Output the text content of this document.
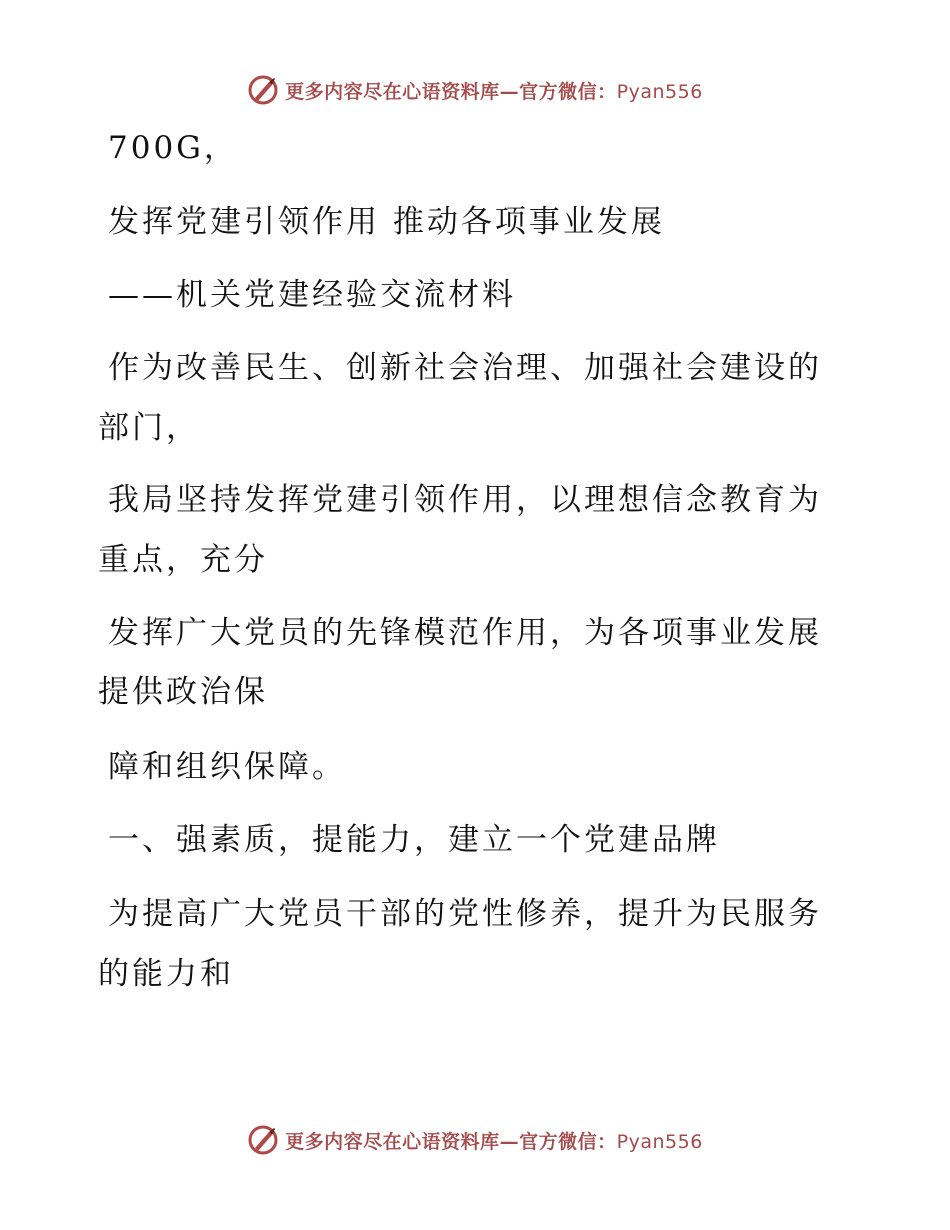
更多内容尽在心语资料库—官方微信：Pyan556
700G，
发挥党建引领作用 推动各项事业发展
——机关党建经验交流材料
作为改善民生、创新社会治理、加强社会建设的
部门，
我局坚持发挥党建引领作用，以理想信念教育为
重点，充分
发挥广大党员的先锋模范作用，为各项事业发展
提供政治保
障和组织保障。
一、强素质，提能力，建立一个党建品牌
为提高广大党员干部的党性修养，提升为民服务
的能力和
更多内容尽在心语资料库—官方微信：Pyan556
